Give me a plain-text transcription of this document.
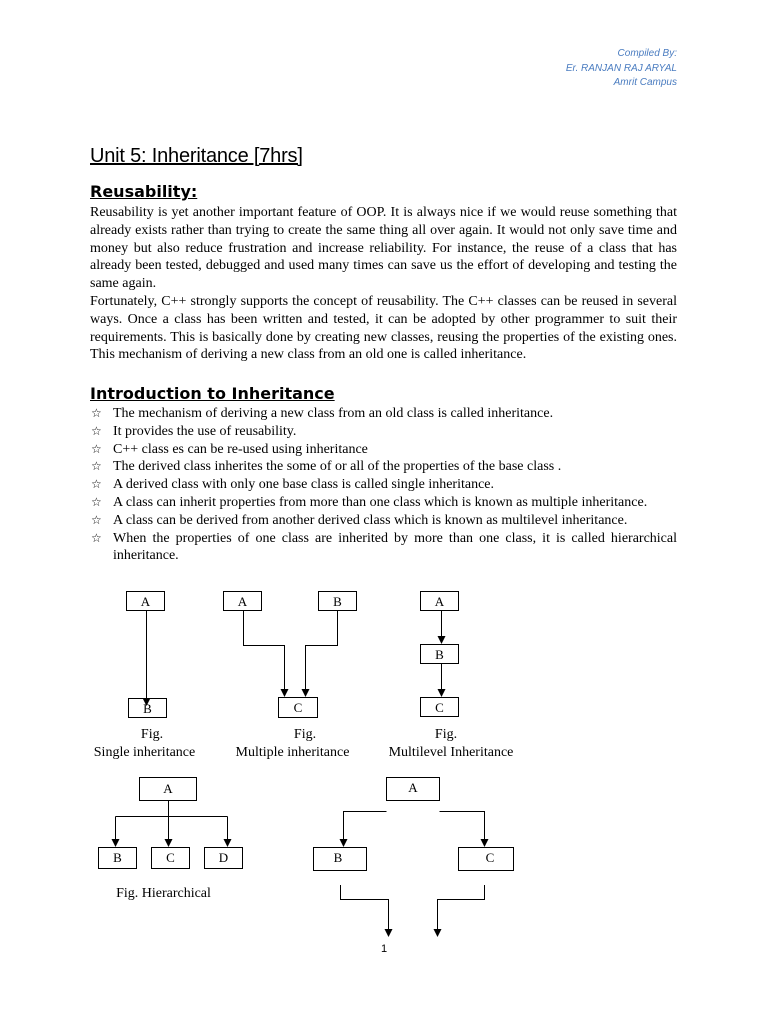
Compiled By:
Er. RANJAN RAJ ARYAL
Amrit Campus
Unit 5: Inheritance [7hrs]
Reusability:

Reusability is yet another important feature of OOP. It is always nice if we would reuse something that already exists rather than trying to create the same thing all over again. It would not only save time and money but also reduce frustration and increase reliability. For instance, the reuse of a class that has already been tested, debugged and used many times can save us the effort of developing and testing the same again.

Fortunately, C++ strongly supports the concept of reusability. The C++ classes can be reused in several ways. Once a class has been written and tested, it can be adopted by other programmer to suit their requirements. This is basically done by creating new classes, reusing the properties of the existing ones. This mechanism of deriving a new class from an old one is called inheritance.

Introduction to Inheritance
☆ The mechanism of deriving a new class from an old class is called inheritance.
☆ It provides the use of reusability.
☆ C++ class es can be re-used using inheritance
☆ The derived class inherites the some of or all of the properties of the base class .
☆ A derived class with only one base class is called single inheritance.
☆ A class can inherit properties from more than one class which is known as multiple inheritance.
☆ A class can be derived from another derived class which is known as multilevel inheritance.
☆ When the properties of one class are inherited by more than one class, it is called hierarchical inheritance.
A
B
A	B
C
A
B
C
A
B	C	D
A
B	C
Fig.
Single inheritance
Fig.
Multiple inheritance
Fig.
Multilevel Inheritance
Fig. Hierarchical
1
